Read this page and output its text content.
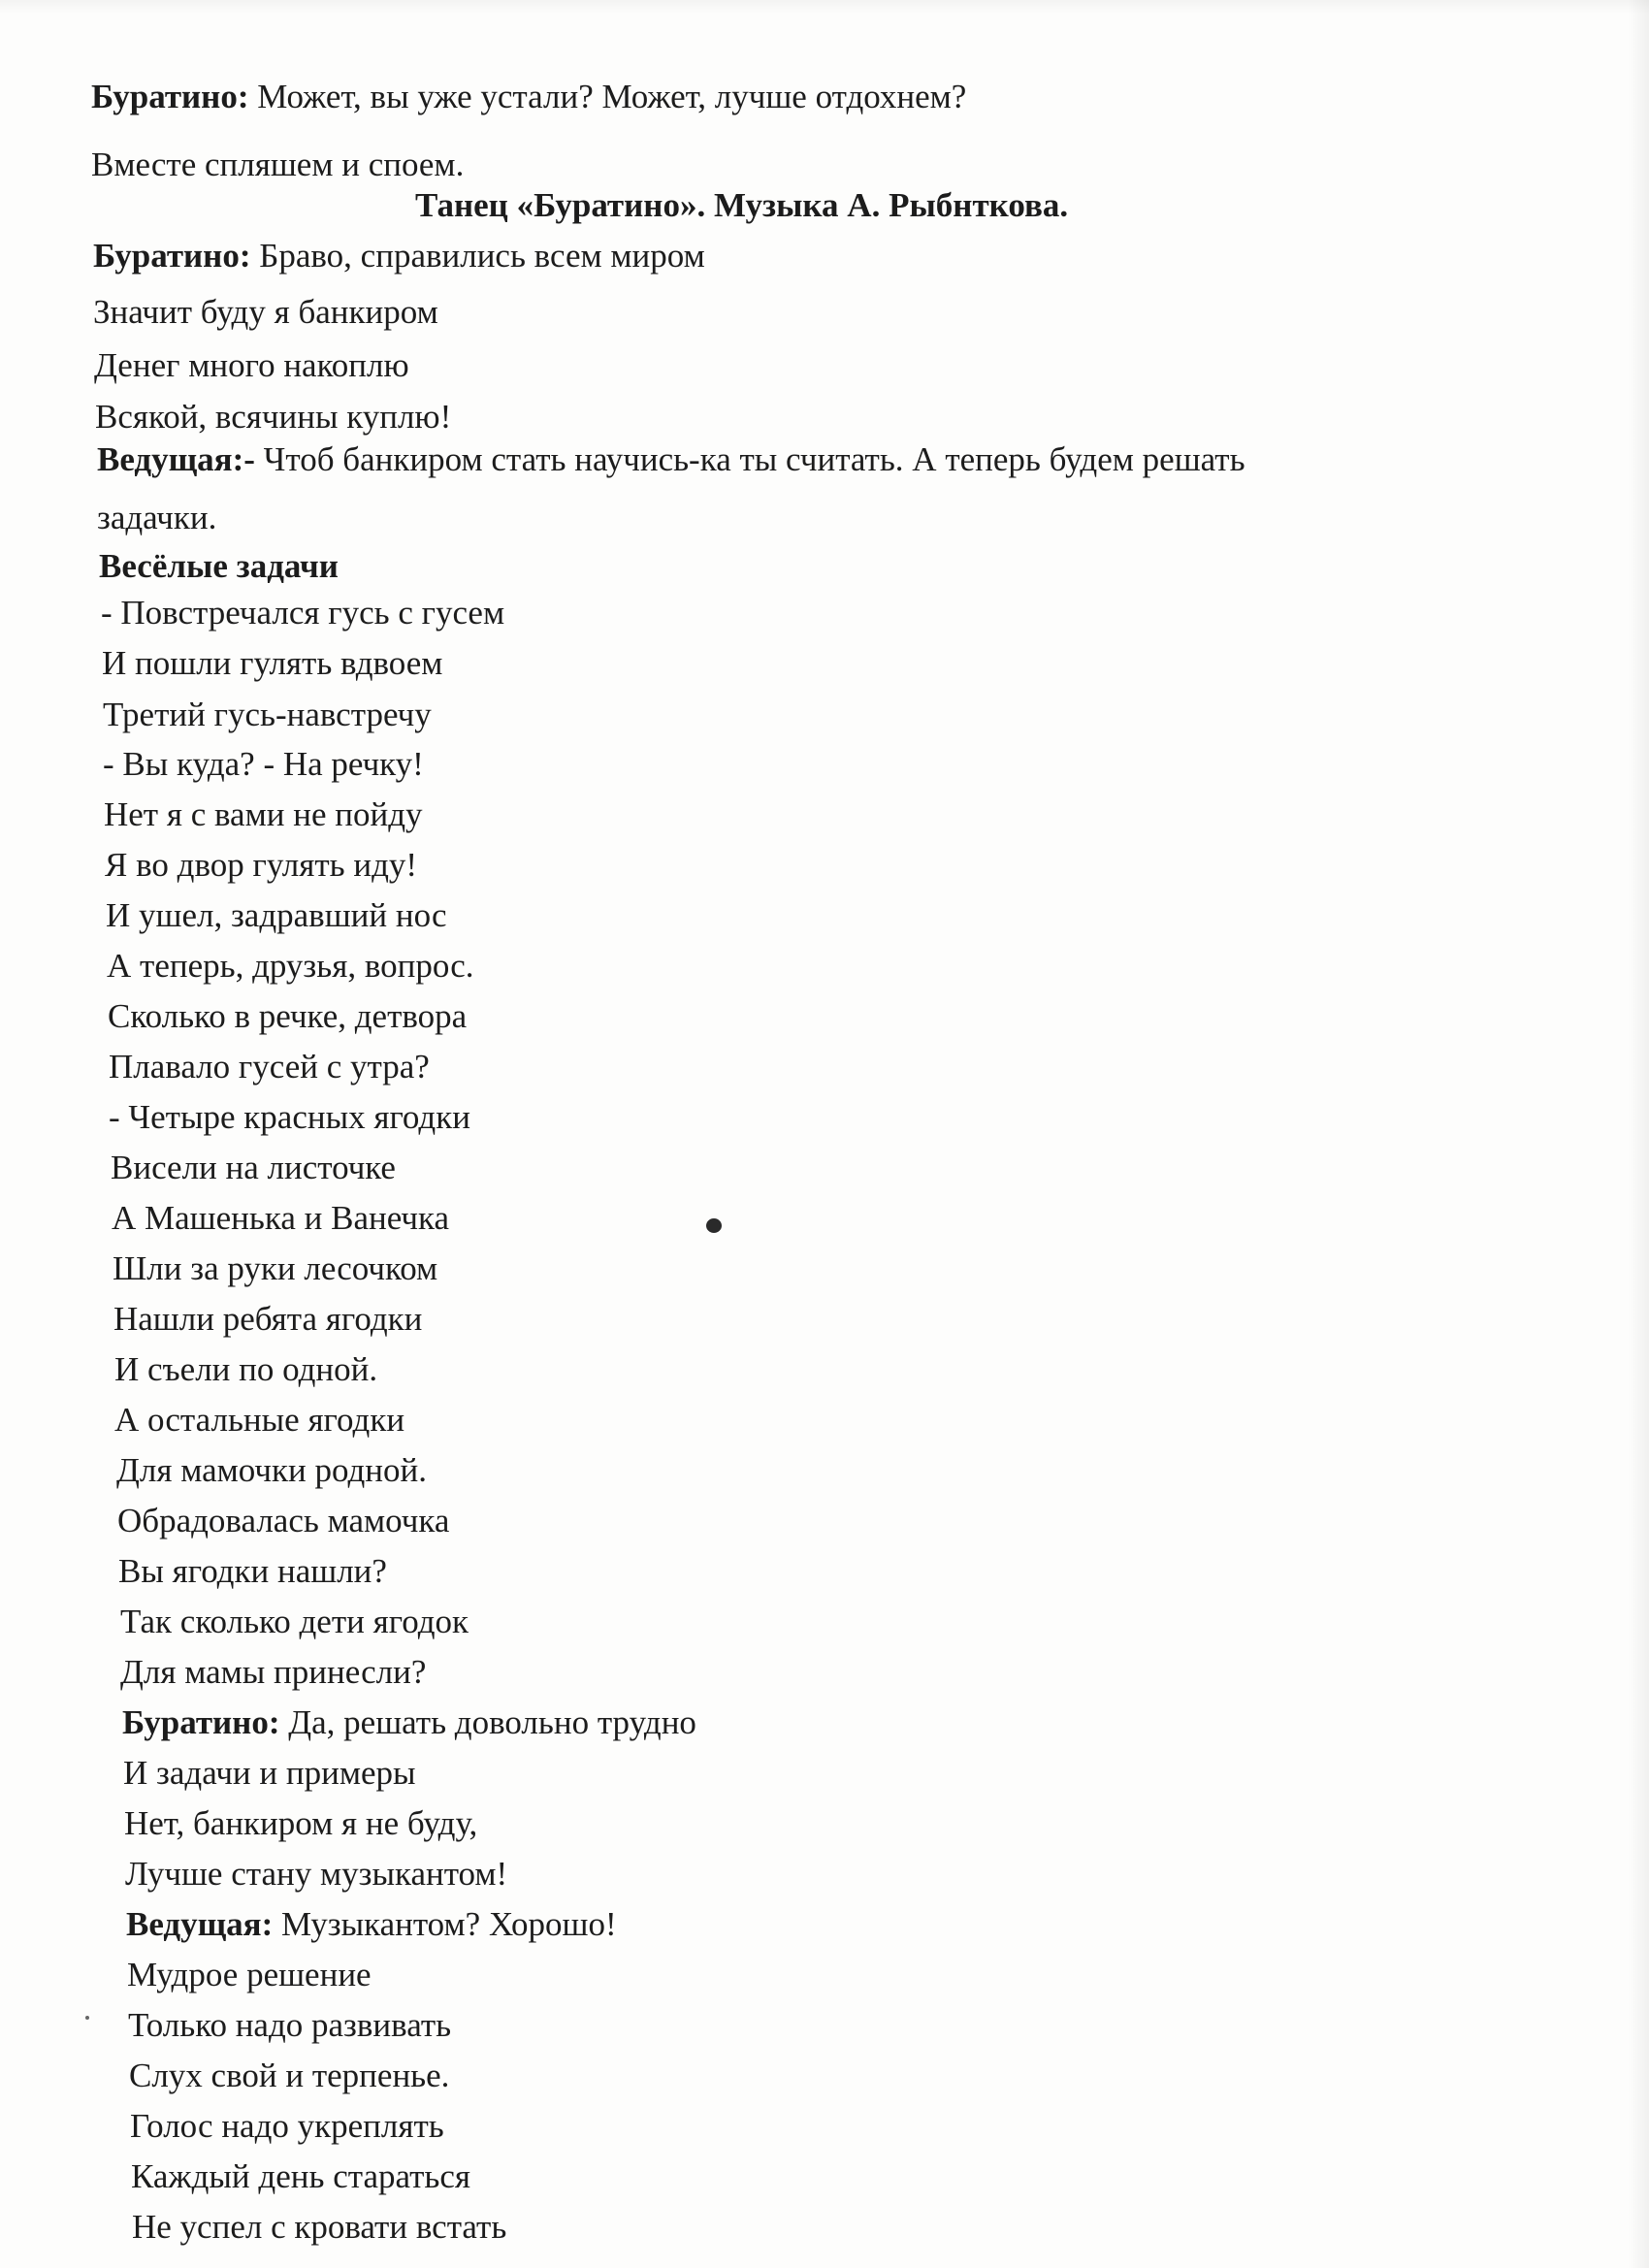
Буратино: Может, вы уже устали? Может, лучше отдохнем?

Вместе спляшем и споем.

Танец «Буратино». Музыка А. Рыбнткова.

Буратино: Браво, справились всем миром

Значит буду я банкиром

Денег много накоплю

Всякой, всячины куплю!

Ведущая:- Чтоб банкиром стать научись-ка ты считать. А теперь будем решать

задачки.

Весёлые задачи

- Повстречался гусь с гусем

И пошли гулять вдвоем

Третий гусь-навстречу

- Вы куда? - На речку!

Нет я с вами не пойду

Я во двор гулять иду!

И ушел, задравший нос

А теперь, друзья, вопрос.

Сколько в речке, детвора

Плавало гусей с утра?

- Четыре красных ягодки

Висели на листочке

А Машенька и Ванечка

Шли за руки лесочком

Нашли ребята ягодки

И съели по одной.

А остальные ягодки

Для мамочки родной.

Обрадовалась мамочка

Вы ягодки нашли?

Так сколько дети ягодок

Для мамы принесли?

Буратино: Да, решать довольно трудно

И задачи и примеры

Нет, банкиром я не буду,

Лучше стану музыкантом!

Ведущая: Музыкантом? Хорошо!

Мудрое решение

Только надо развивать

Слух свой и терпенье.

Голос надо укреплять

Каждый день стараться

Не успел с кровати встать
